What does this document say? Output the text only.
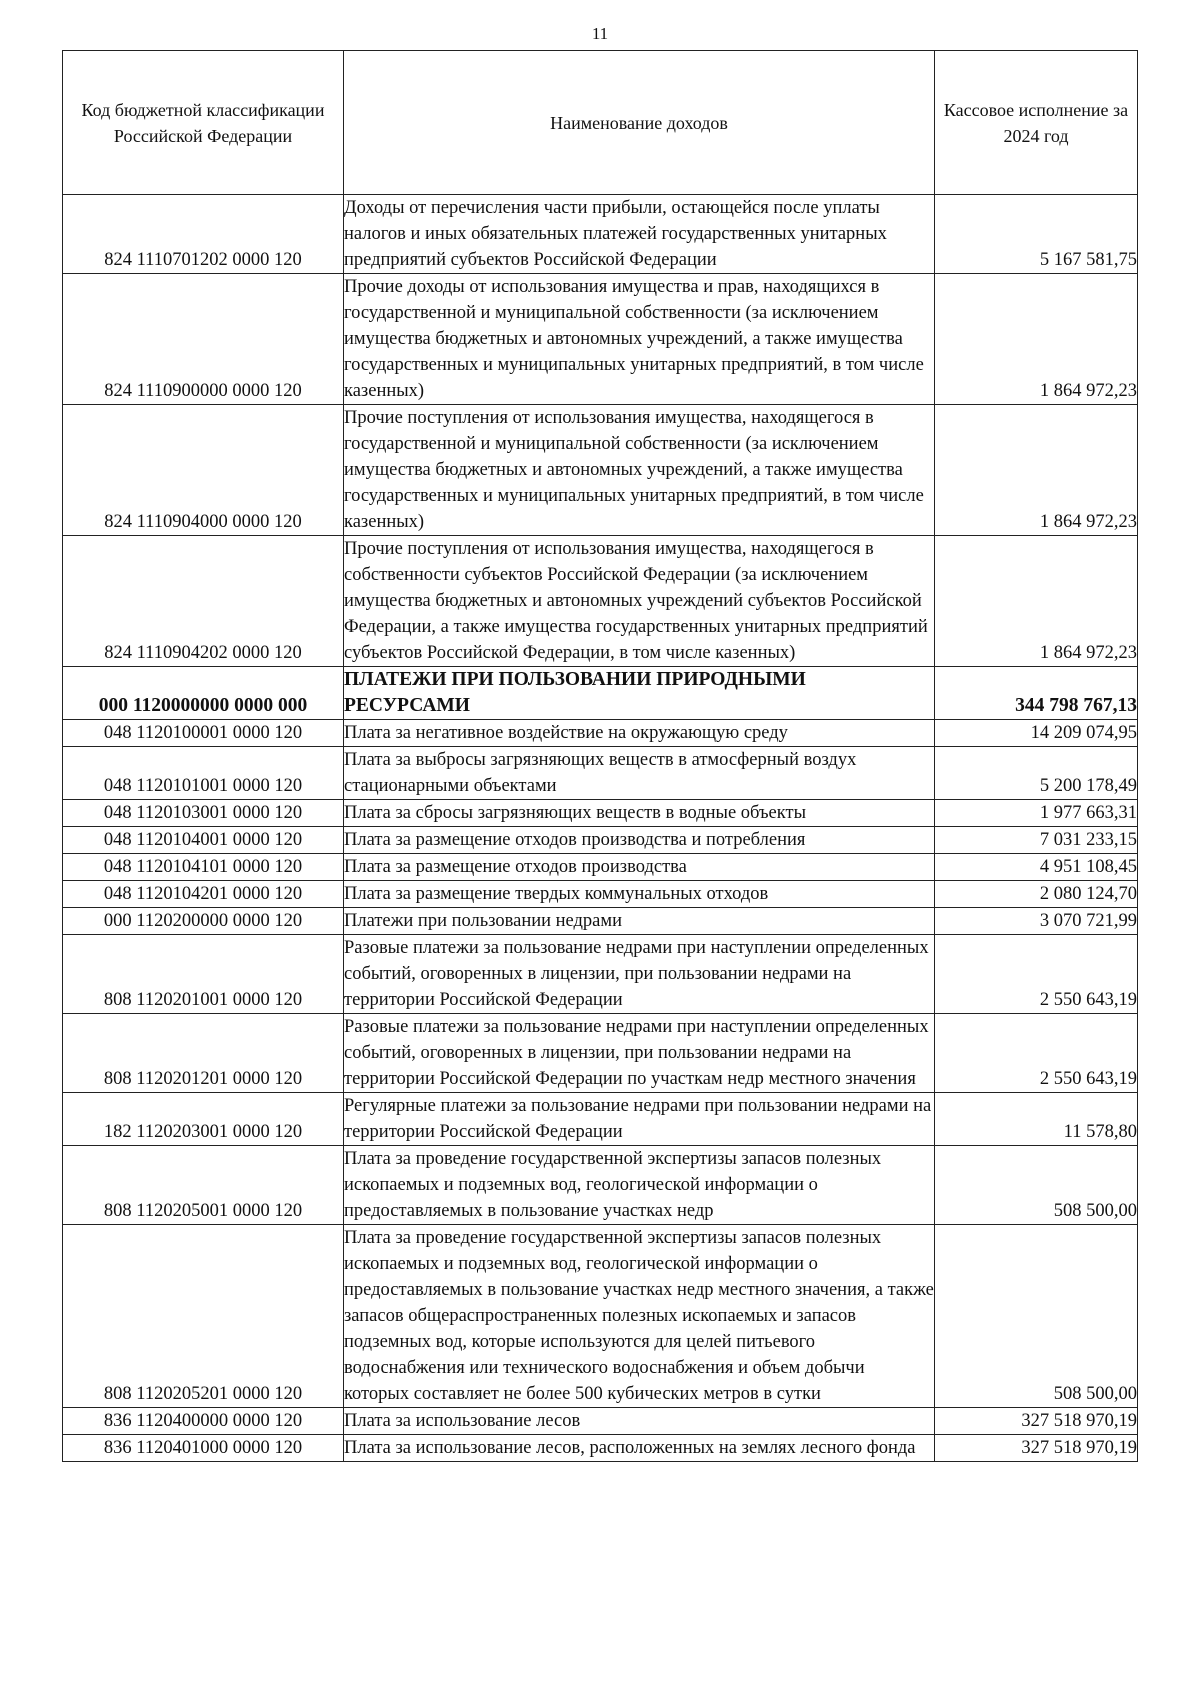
11
Код бюджетной классификации Российской Федерации	Наименование доходов	Кассовое исполнение за 2024 год
824 1110701202 0000 120	Доходы от перечисления части прибыли, остающейся после уплаты налогов и иных обязательных платежей государственных унитарных предприятий субъектов Российской Федерации	5 167 581,75
824 1110900000 0000 120	Прочие доходы от использования имущества и прав, находящихся в государственной и муниципальной собственности (за исключением имущества бюджетных и автономных учреждений, а также имущества государственных и муниципальных унитарных предприятий, в том числе казенных)	1 864 972,23
824 1110904000 0000 120	Прочие поступления от использования имущества, находящегося в государственной и муниципальной собственности (за исключением имущества бюджетных и автономных учреждений, а также имущества государственных и муниципальных унитарных предприятий, в том числе казенных)	1 864 972,23
824 1110904202 0000 120	Прочие поступления от использования имущества, находящегося в собственности субъектов Российской Федерации (за исключением имущества бюджетных и автономных учреждений субъектов Российской Федерации, а также имущества государственных унитарных предприятий субъектов Российской Федерации, в том числе казенных)	1 864 972,23
000 1120000000 0000 000	ПЛАТЕЖИ ПРИ ПОЛЬЗОВАНИИ ПРИРОДНЫМИ РЕСУРСАМИ	344 798 767,13
048 1120100001 0000 120	Плата за негативное воздействие на окружающую среду	14 209 074,95
048 1120101001 0000 120	Плата за выбросы загрязняющих веществ в атмосферный воздух стационарными объектами	5 200 178,49
048 1120103001 0000 120	Плата за сбросы загрязняющих веществ в водные объекты	1 977 663,31
048 1120104001 0000 120	Плата за размещение отходов производства и потребления	7 031 233,15
048 1120104101 0000 120	Плата за размещение отходов производства	4 951 108,45
048 1120104201 0000 120	Плата за размещение твердых коммунальных отходов	2 080 124,70
000 1120200000 0000 120	Платежи при пользовании недрами	3 070 721,99
808 1120201001 0000 120	Разовые платежи за пользование недрами при наступлении определенных событий, оговоренных в лицензии, при пользовании недрами на территории Российской Федерации	2 550 643,19
808 1120201201 0000 120	Разовые платежи за пользование недрами при наступлении определенных событий, оговоренных в лицензии, при пользовании недрами на территории Российской Федерации по участкам недр местного значения	2 550 643,19
182 1120203001 0000 120	Регулярные платежи за пользование недрами при пользовании недрами на территории Российской Федерации	11 578,80
808 1120205001 0000 120	Плата за проведение государственной экспертизы запасов полезных ископаемых и подземных вод, геологической информации о предоставляемых в пользование участках недр	508 500,00
808 1120205201 0000 120	Плата за проведение государственной экспертизы запасов полезных ископаемых и подземных вод, геологической информации о предоставляемых в пользование участках недр местного значения, а также запасов общераспространенных полезных ископаемых и запасов подземных вод, которые используются для целей питьевого водоснабжения или технического водоснабжения и объем добычи которых составляет не более 500 кубических метров в сутки	508 500,00
836 1120400000 0000 120	Плата за использование лесов	327 518 970,19
836 1120401000 0000 120	Плата за использование лесов, расположенных на землях лесного фонда	327 518 970,19
